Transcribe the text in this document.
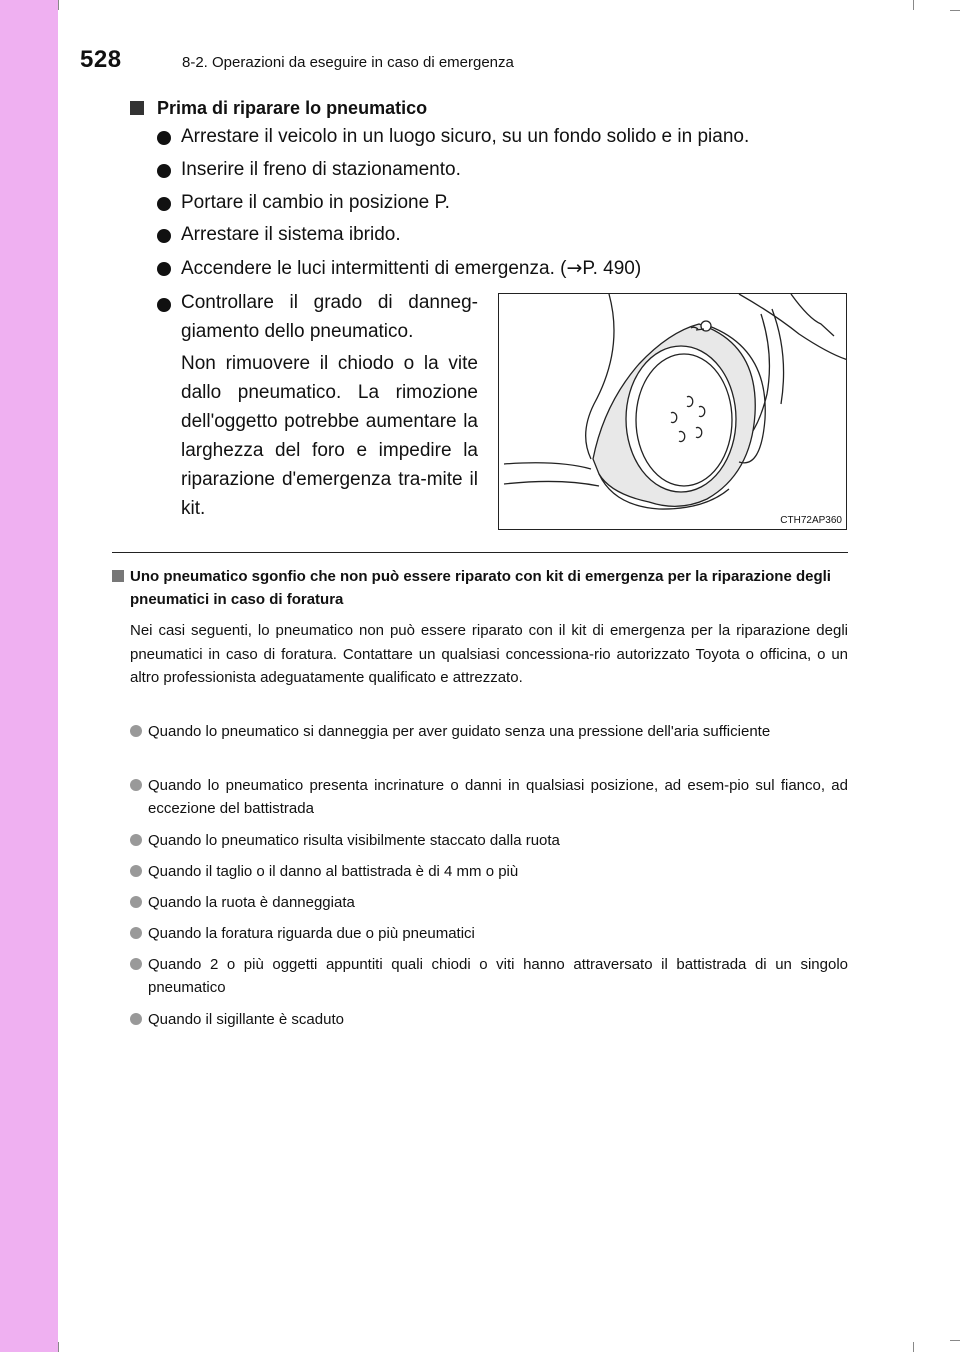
528	8-2. Operazioni da eseguire in caso di emergenza
Prima di riparare lo pneumatico
Arrestare il veicolo in un luogo sicuro, su un fondo solido e in piano.
Inserire il freno di stazionamento.
Portare il cambio in posizione P.
Arrestare il sistema ibrido.
Accendere le luci intermittenti di emergenza. (→P. 490)
Controllare il grado di danneg-giamento dello pneumatico.
Non rimuovere il chiodo o la vite dallo pneumatico. La rimozione dell'oggetto potrebbe aumentare la larghezza del foro e impedire la riparazione d'emergenza tra-mite il kit.
CTH72AP360
Uno pneumatico sgonfio che non può essere riparato con kit di emergenza per la riparazione degli pneumatici in caso di foratura
Nei casi seguenti, lo pneumatico non può essere riparato con il kit di emergenza per la riparazione degli pneumatici in caso di foratura. Contattare un qualsiasi concessiona-rio autorizzato Toyota o officina, o un altro professionista adeguatamente qualificato e attrezzato.
Quando lo pneumatico si danneggia per aver guidato senza una pressione dell'aria sufficiente
Quando lo pneumatico presenta incrinature o danni in qualsiasi posizione, ad esem-pio sul fianco, ad eccezione del battistrada
Quando lo pneumatico risulta visibilmente staccato dalla ruota
Quando il taglio o il danno al battistrada è di 4 mm o più
Quando la ruota è danneggiata
Quando la foratura riguarda due o più pneumatici
Quando 2 o più oggetti appuntiti quali chiodi o viti hanno attraversato il battistrada di un singolo pneumatico
Quando il sigillante è scaduto
